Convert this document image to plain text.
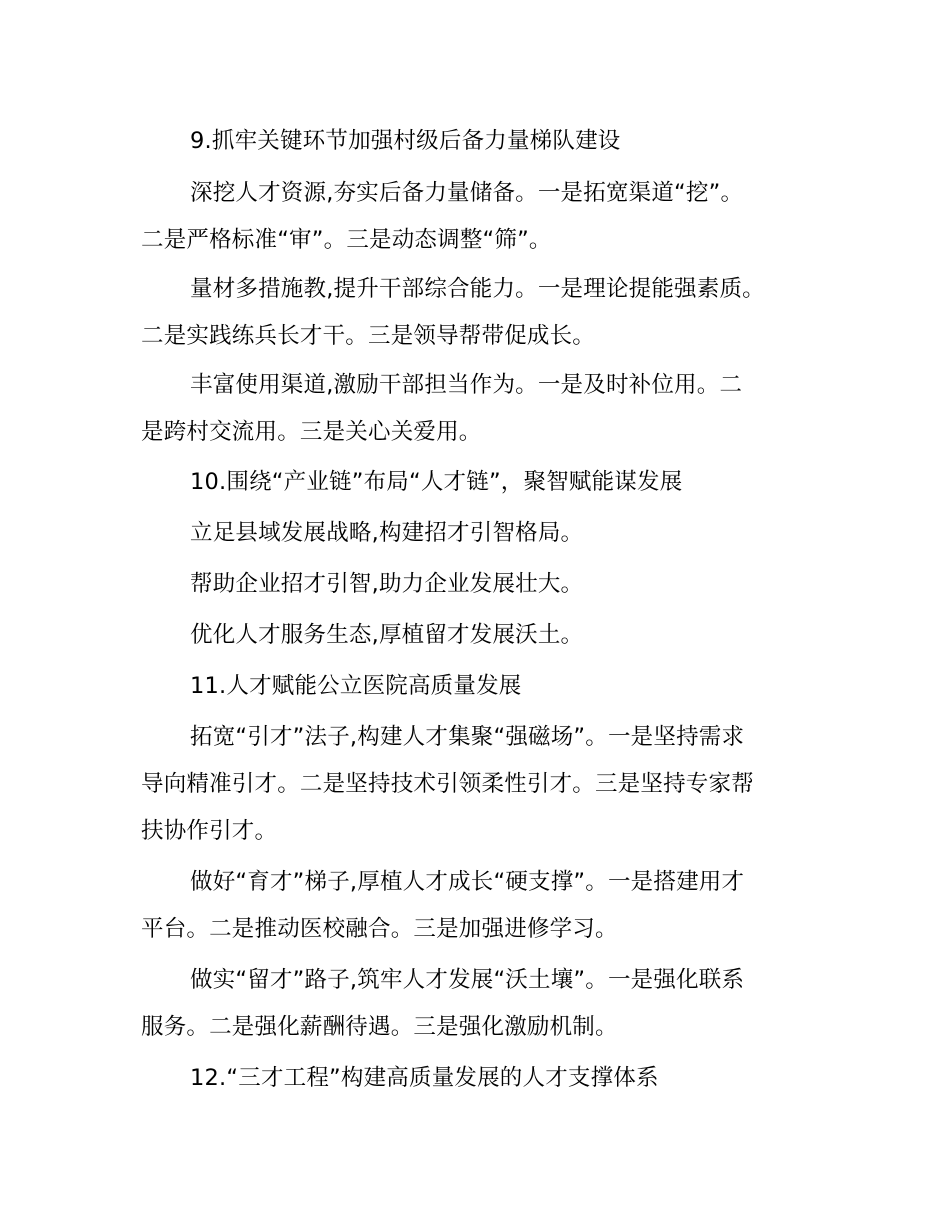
9.抓牢关键环节加强村级后备力量梯队建设
深挖人才资源,夯实后备力量储备。一是拓宽渠道“挖”。
二是严格标准“审”。三是动态调整“筛”。
量材多措施教,提升干部综合能力。一是理论提能强素质。
二是实践练兵长才干。三是领导帮带促成长。
丰富使用渠道,激励干部担当作为。一是及时补位用。二
是跨村交流用。三是关心关爱用。
10.围绕“产业链”布局“人才链”，聚智赋能谋发展
立足县域发展战略,构建招才引智格局。
帮助企业招才引智,助力企业发展壮大。
优化人才服务生态,厚植留才发展沃土。
11.人才赋能公立医院高质量发展
拓宽“引才”法子,构建人才集聚“强磁场”。一是坚持需求
导向精准引才。二是坚持技术引领柔性引才。三是坚持专家帮
扶协作引才。
做好“育才”梯子,厚植人才成长“硬支撑”。一是搭建用才
平台。二是推动医校融合。三是加强进修学习。
做实“留才”路子,筑牢人才发展“沃土壤”。一是强化联系
服务。二是强化薪酬待遇。三是强化激励机制。
12.“三才工程”构建高质量发展的人才支撑体系
